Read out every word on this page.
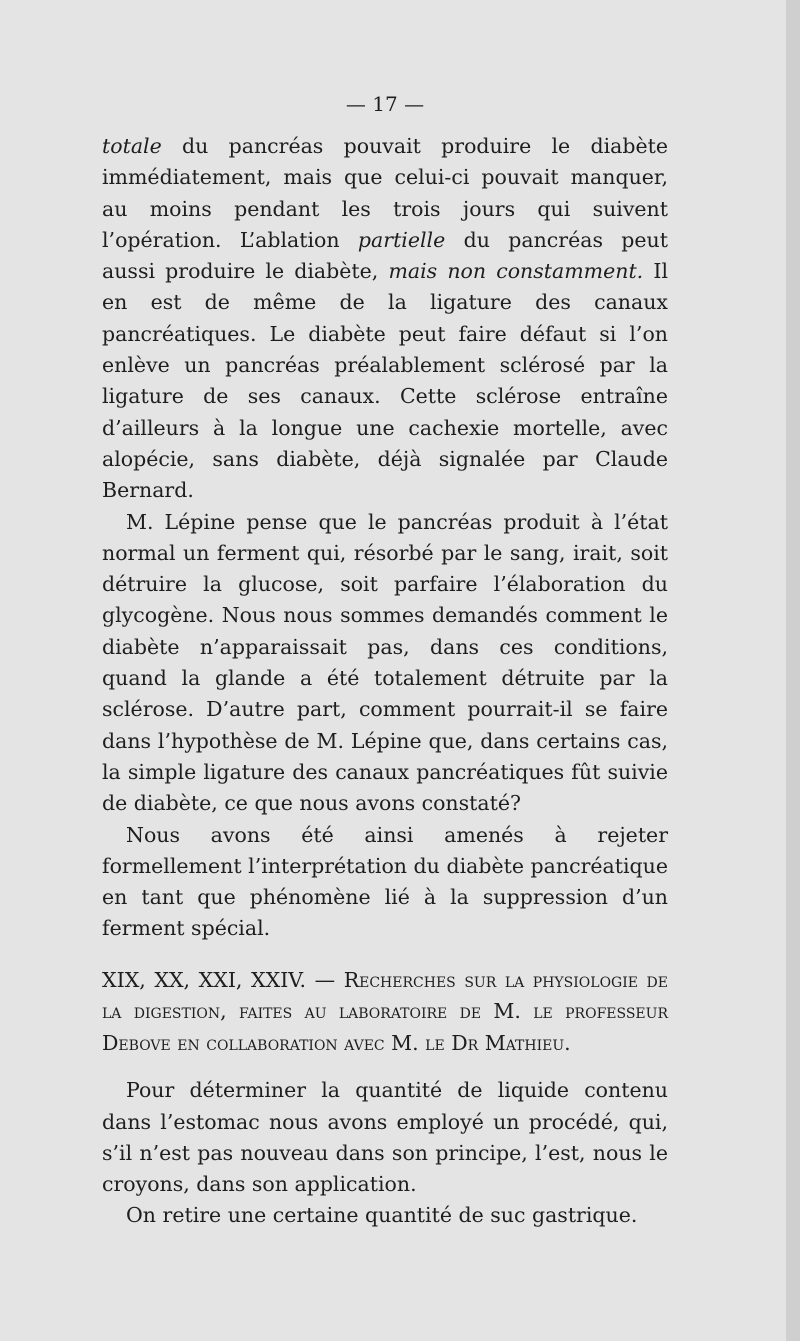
— 17 —

totale du pancréas pouvait produire le diabète immédiatement, mais que celui-ci pouvait manquer, au moins pendant les trois jours qui suivent l’opération. L’ablation partielle du pancréas peut aussi produire le diabète, mais non constamment. Il en est de même de la ligature des canaux pancréatiques. Le diabète peut faire défaut si l’on enlève un pancréas préalablement sclérosé par la ligature de ses canaux. Cette sclérose entraîne d’ailleurs à la longue une cachexie mortelle, avec alopécie, sans diabète, déjà signalée par Claude Bernard.

M. Lépine pense que le pancréas produit à l’état normal un ferment qui, résorbé par le sang, irait, soit détruire la glucose, soit parfaire l’élaboration du glycogène. Nous nous sommes demandés comment le diabète n’apparaissait pas, dans ces conditions, quand la glande a été totalement détruite par la sclérose. D’autre part, comment pourrait-il se faire dans l’hypothèse de M. Lépine que, dans certains cas, la simple ligature des canaux pancréatiques fût suivie de diabète, ce que nous avons constaté?

Nous avons été ainsi amenés à rejeter formellement l’interprétation du diabète pancréatique en tant que phénomène lié à la suppression d’un ferment spécial.

XIX, XX, XXI, XXIV. — Recherches sur la physiologie de la digestion, faites au laboratoire de M. le professeur Debove en collaboration avec M. le Dr Mathieu.

Pour déterminer la quantité de liquide contenu dans l’estomac nous avons employé un procédé, qui, s’il n’est pas nouveau dans son principe, l’est, nous le croyons, dans son application.

On retire une certaine quantité de suc gastrique.
